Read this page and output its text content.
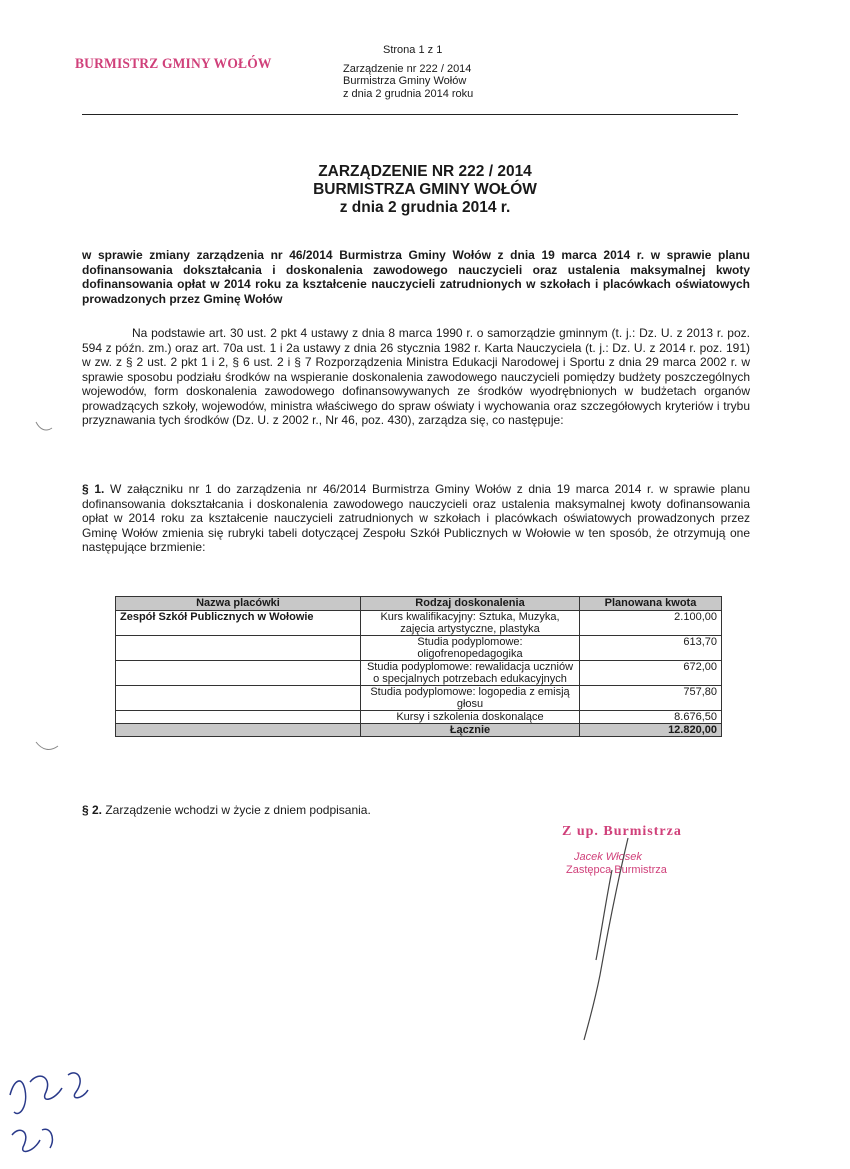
BURMISTRZ GMINY WOŁÓW
Strona 1 z 1
Zarządzenie nr 222 / 2014
Burmistrza Gminy Wołów
z dnia 2 grudnia 2014 roku
ZARZĄDZENIE NR 222 / 2014
BURMISTRZA GMINY WOŁÓW
z dnia 2 grudnia 2014 r.
w sprawie zmiany zarządzenia nr 46/2014 Burmistrza Gminy Wołów z dnia 19 marca 2014 r. w sprawie planu dofinansowania dokształcania i doskonalenia zawodowego nauczycieli oraz ustalenia maksymalnej kwoty dofinansowania opłat w 2014 roku za kształcenie nauczycieli zatrudnionych w szkołach i placówkach oświatowych prowadzonych przez Gminę Wołów
Na podstawie art. 30 ust. 2 pkt 4 ustawy z dnia 8 marca 1990 r. o samorządzie gminnym (t. j.: Dz. U. z 2013 r. poz. 594 z późn. zm.) oraz art. 70a ust. 1 i 2a ustawy z dnia 26 stycznia 1982 r. Karta Nauczyciela (t. j.: Dz. U. z 2014 r. poz. 191) w zw. z § 2 ust. 2 pkt 1 i 2, § 6 ust. 2 i § 7 Rozporządzenia Ministra Edukacji Narodowej i Sportu z dnia 29 marca 2002 r. w sprawie sposobu podziału środków na wspieranie doskonalenia zawodowego nauczycieli pomiędzy budżety poszczególnych wojewodów, form doskonalenia zawodowego dofinansowywanych ze środków wyodrębnionych w budżetach organów prowadzących szkoły, wojewodów, ministra właściwego do spraw oświaty i wychowania oraz szczegółowych kryteriów i trybu przyznawania tych środków (Dz. U. z 2002 r., Nr 46, poz. 430), zarządza się, co następuje:
§ 1. W załączniku nr 1 do zarządzenia nr 46/2014 Burmistrza Gminy Wołów z dnia 19 marca 2014 r. w sprawie planu dofinansowania dokształcania i doskonalenia zawodowego nauczycieli oraz ustalenia maksymalnej kwoty dofinansowania opłat w 2014 roku za kształcenie nauczycieli zatrudnionych w szkołach i placówkach oświatowych prowadzonych przez Gminę Wołów zmienia się rubryki tabeli dotyczącej Zespołu Szkół Publicznych w Wołowie w ten sposób, że otrzymują one następujące brzmienie:
Nazwa placówki	Rodzaj doskonalenia	Planowana kwota
Zespół Szkół Publicznych w Wołowie	Kurs kwalifikacyjny: Sztuka, Muzyka, zajęcia artystyczne, plastyka	2.100,00
	Studia podyplomowe: oligofrenopedagogika	613,70
	Studia podyplomowe: rewalidacja uczniów o specjalnych potrzebach edukacyjnych	672,00
	Studia podyplomowe: logopedia z emisją głosu	757,80
	Kursy i szkolenia doskonalące	8.676,50
	Łącznie	12.820,00
§ 2. Zarządzenie wchodzi w życie z dniem podpisania.
Z up. Burmistrza
Jacek Włosek
Zastępca Burmistrza
